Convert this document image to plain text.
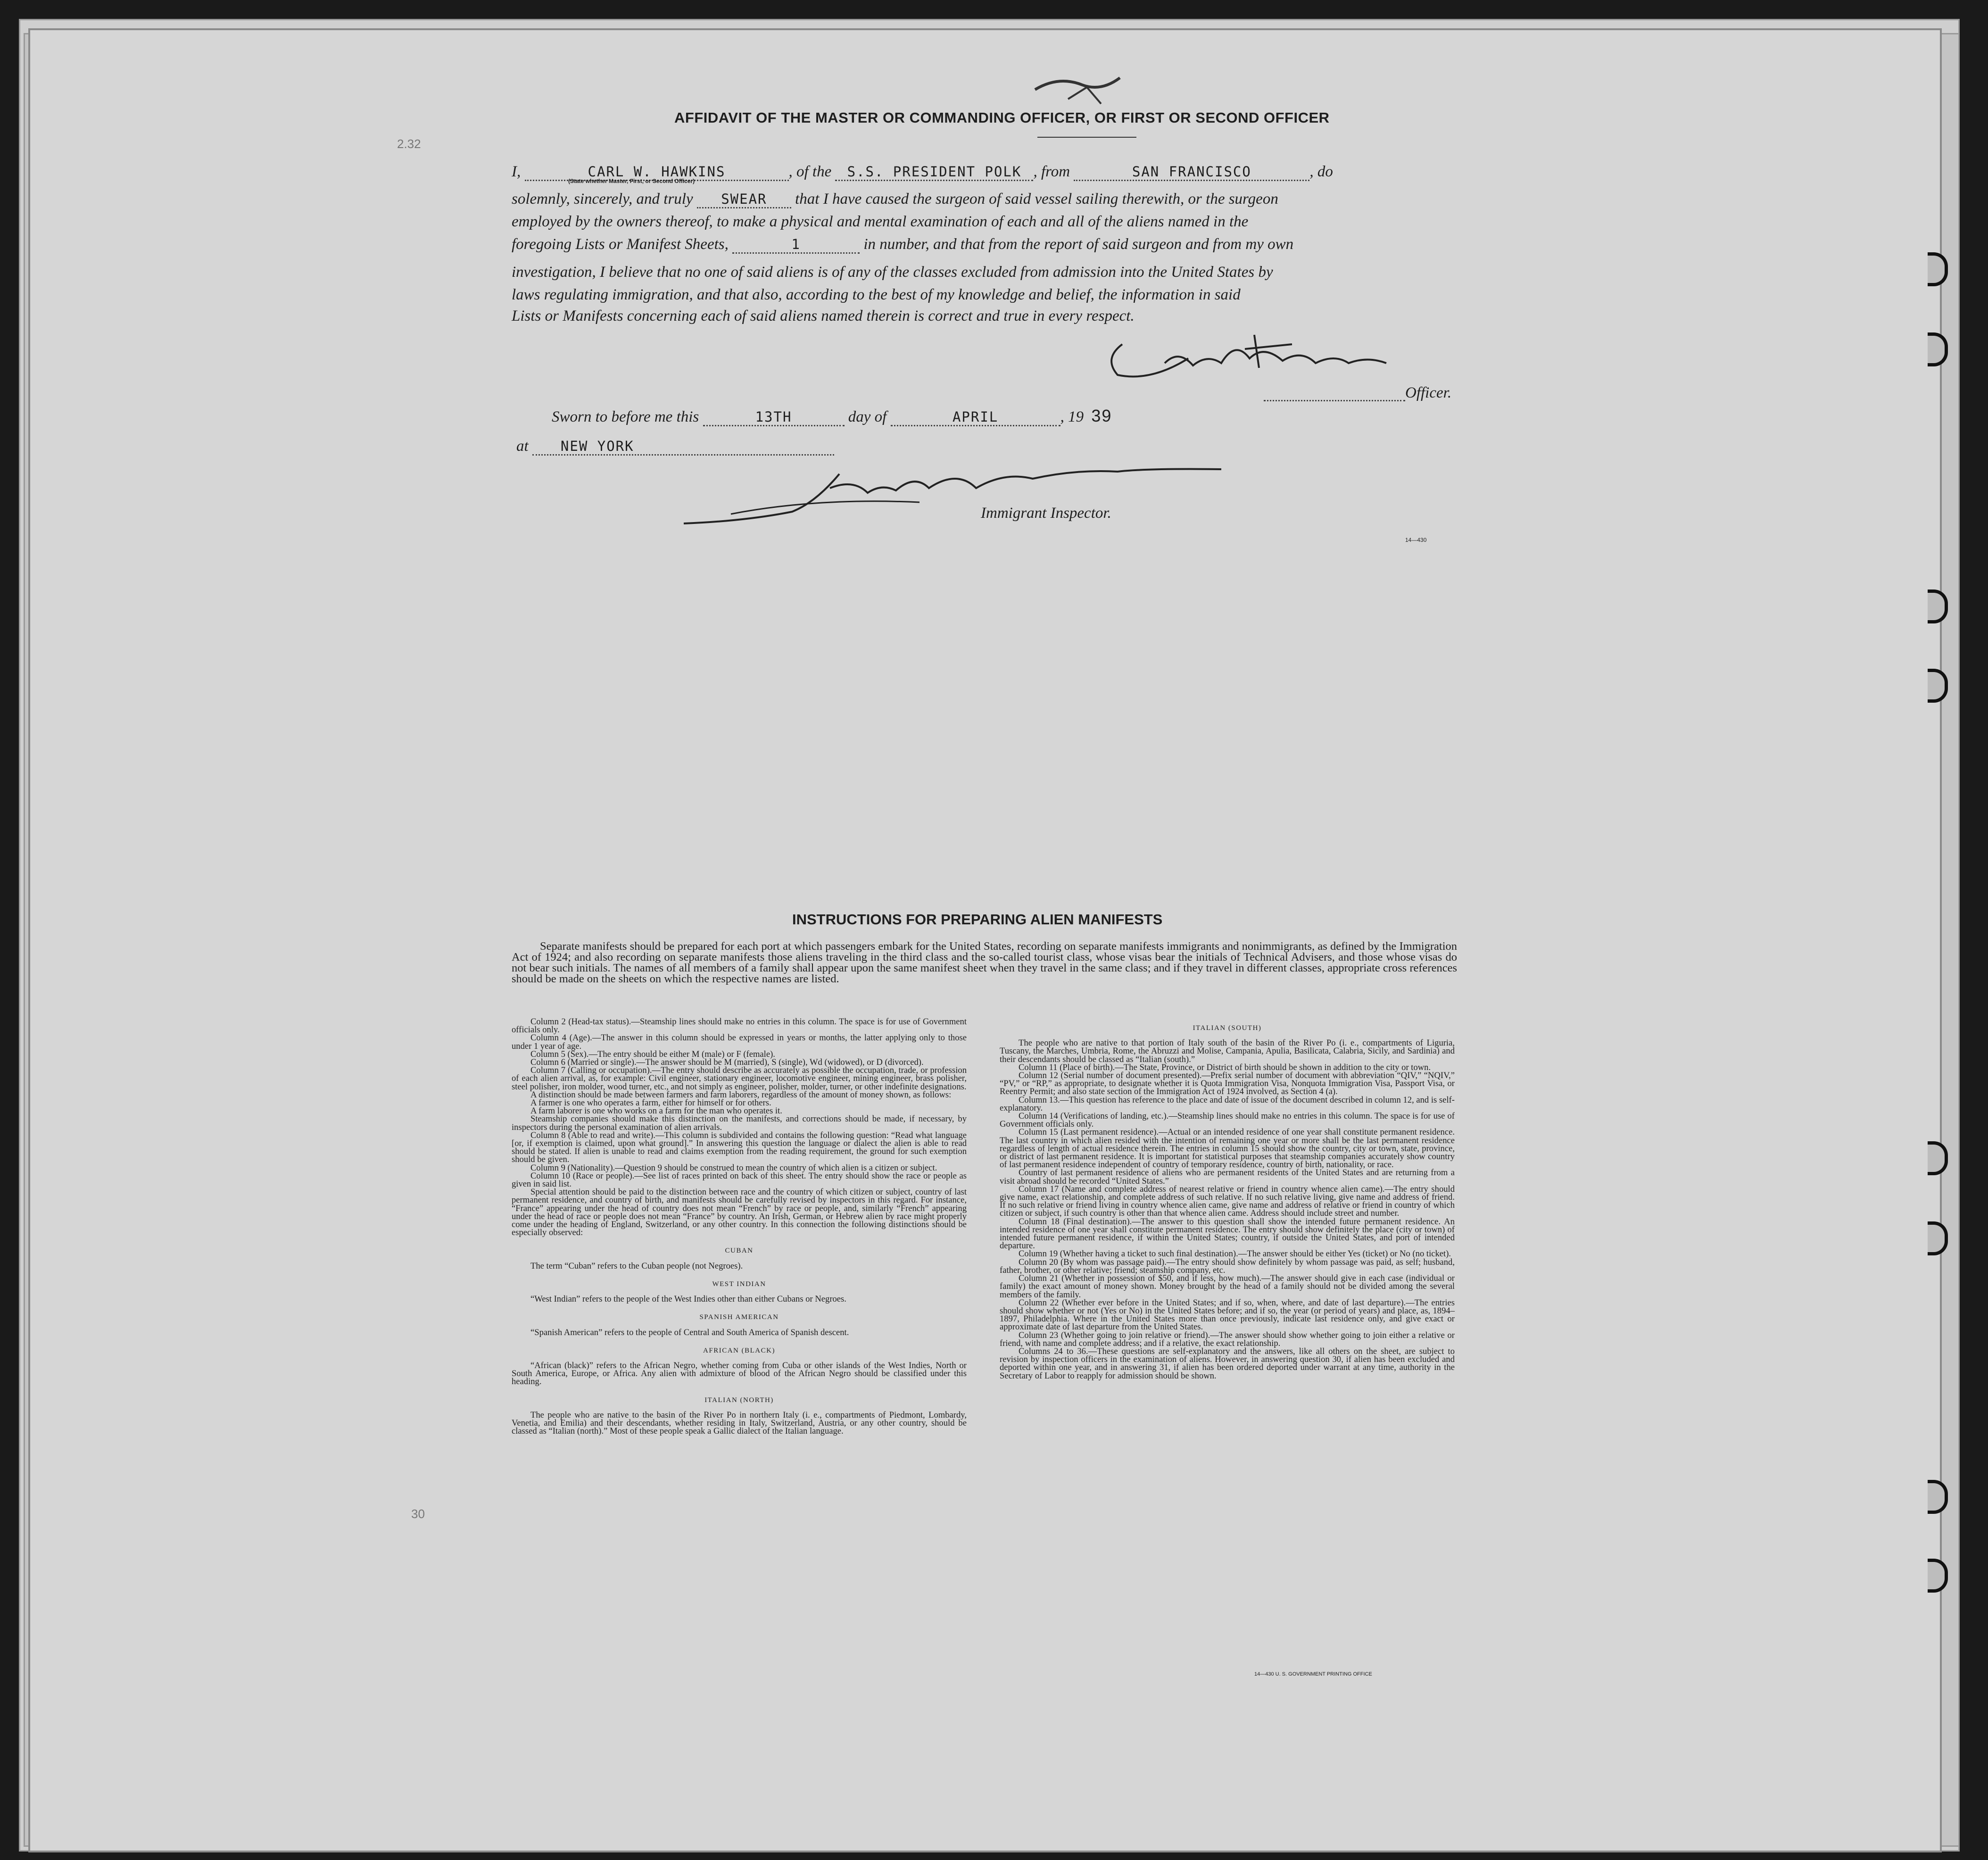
2.32
30
AFFIDAVIT OF THE MASTER OR COMMANDING OFFICER, OR FIRST OR SECOND OFFICER
I,	CARL W. HAWKINS	, of the S.S. PRESIDENT POLK , from	SAN FRANCISCO	, do
(State whether Master, First, or Second Officer)
solemnly, sincerely, and truly SWEAR that I have caused the surgeon of said vessel sailing therewith, or the surgeon
employed by the owners thereof, to make a physical and mental examination of each and all of the aliens named in the
foregoing Lists or Manifest Sheets,	1	in number, and that from the report of said surgeon and from my own
investigation, I believe that no one of said aliens is of any of the classes excluded from admission into the United States by
laws regulating immigration, and that also, according to the best of my knowledge and belief, the information in said
Lists or Manifests concerning each of said aliens named therein is correct and true in every respect.
Officer.
Sworn to before me this	13TH	day of	APRIL	, 19 39
at NEW YORK
Immigrant Inspector.
14—430
INSTRUCTIONS FOR PREPARING ALIEN MANIFESTS
Separate manifests should be prepared for each port at which passengers embark for the United States, recording on separate manifests immigrants and nonimmigrants, as defined by the Immigration Act of 1924; and also recording on separate manifests those aliens traveling in the third class and the so-called tourist class, whose visas bear the initials of Technical Advisers, and those whose visas do not bear such initials. The names of all members of a family shall appear upon the same manifest sheet when they travel in the same class; and if they travel in different classes, appropriate cross references should be made on the sheets on which the respective names are listed.

Column 2 (Head-tax status).—Steamship lines should make no entries in this column. The space is for use of Government officials only.

Column 4 (Age).—The answer in this column should be expressed in years or months, the latter applying only to those under 1 year of age.

Column 5 (Sex).—The entry should be either M (male) or F (female).

Column 6 (Married or single).—The answer should be M (married), S (single), Wd (widowed), or D (divorced).

Column 7 (Calling or occupation).—The entry should describe as accurately as possible the occupation, trade, or profession of each alien arrival, as, for example: Civil engineer, stationary engineer, locomotive engineer, mining engineer, brass polisher, steel polisher, iron molder, wood turner, etc., and not simply as engineer, polisher, molder, turner, or other indefinite designations.

A distinction should be made between farmers and farm laborers, regardless of the amount of money shown, as follows:

A farmer is one who operates a farm, either for himself or for others.

A farm laborer is one who works on a farm for the man who operates it.

Steamship companies should make this distinction on the manifests, and corrections should be made, if necessary, by inspectors during the personal examination of alien arrivals.

Column 8 (Able to read and write).—This column is subdivided and contains the following question: “Read what language [or, if exemption is claimed, upon what ground].” In answering this question the language or dialect the alien is able to read should be stated. If alien is unable to read and claims exemption from the reading requirement, the ground for such exemption should be given.

Column 9 (Nationality).—Question 9 should be construed to mean the country of which alien is a citizen or subject.

Column 10 (Race or people).—See list of races printed on back of this sheet. The entry should show the race or people as given in said list.

Special attention should be paid to the distinction between race and the country of which citizen or subject, country of last permanent residence, and country of birth, and manifests should be carefully revised by inspectors in this regard. For instance, “France” appearing under the head of country does not mean “French” by race or people, and, similarly “French” appearing under the head of race or people does not mean “France” by country. An Irish, German, or Hebrew alien by race might properly come under the heading of England, Switzerland, or any other country. In this connection the following distinctions should be especially observed:

CUBAN

The term “Cuban” refers to the Cuban people (not Negroes).

WEST INDIAN

“West Indian” refers to the people of the West Indies other than either Cubans or Negroes.

SPANISH AMERICAN

“Spanish American” refers to the people of Central and South America of Spanish descent.

AFRICAN (BLACK)

“African (black)” refers to the African Negro, whether coming from Cuba or other islands of the West Indies, North or South America, Europe, or Africa. Any alien with admixture of blood of the African Negro should be classified under this heading.

ITALIAN (NORTH)

The people who are native to the basin of the River Po in northern Italy (i. e., compartments of Piedmont, Lombardy, Venetia, and Emilia) and their descendants, whether residing in Italy, Switzerland, Austria, or any other country, should be classed as “Italian (north).” Most of these people speak a Gallic dialect of the Italian language.

ITALIAN (SOUTH)

The people who are native to that portion of Italy south of the basin of the River Po (i. e., compartments of Liguria, Tuscany, the Marches, Umbria, Rome, the Abruzzi and Molise, Campania, Apulia, Basilicata, Calabria, Sicily, and Sardinia) and their descendants should be classed as “Italian (south).”

Column 11 (Place of birth).—The State, Province, or District of birth should be shown in addition to the city or town.

Column 12 (Serial number of document presented).—Prefix serial number of document with abbreviation “QIV,” “NQIV,” “PV,” or “RP,” as appropriate, to designate whether it is Quota Immigration Visa, Nonquota Immigration Visa, Passport Visa, or Reentry Permit; and also state section of the Immigration Act of 1924 involved, as Section 4 (a).

Column 13.—This question has reference to the place and date of issue of the document described in column 12, and is self-explanatory.

Column 14 (Verifications of landing, etc.).—Steamship lines should make no entries in this column. The space is for use of Government officials only.

Column 15 (Last permanent residence).—Actual or an intended residence of one year shall constitute permanent residence. The last country in which alien resided with the intention of remaining one year or more shall be the last permanent residence regardless of length of actual residence therein. The entries in column 15 should show the country, city or town, state, province, or district of last permanent residence. It is important for statistical purposes that steamship companies accurately show country of last permanent residence independent of country of temporary residence, country of birth, nationality, or race.

Country of last permanent residence of aliens who are permanent residents of the United States and are returning from a visit abroad should be recorded “United States.”

Column 17 (Name and complete address of nearest relative or friend in country whence alien came).—The entry should give name, exact relationship, and complete address of such relative. If no such relative living, give name and address of friend. If no such relative or friend living in country whence alien came, give name and address of relative or friend in country of which citizen or subject, if such country is other than that whence alien came. Address should include street and number.

Column 18 (Final destination).—The answer to this question shall show the intended future permanent residence. An intended residence of one year shall constitute permanent residence. The entry should show definitely the place (city or town) of intended future permanent residence, if within the United States; country, if outside the United States, and port of intended departure.

Column 19 (Whether having a ticket to such final destination).—The answer should be either Yes (ticket) or No (no ticket).

Column 20 (By whom was passage paid).—The entry should show definitely by whom passage was paid, as self; husband, father, brother, or other relative; friend; steamship company, etc.

Column 21 (Whether in possession of $50, and if less, how much).—The answer should give in each case (individual or family) the exact amount of money shown. Money brought by the head of a family should not be divided among the several members of the family.

Column 22 (Whether ever before in the United States; and if so, when, where, and date of last departure).—The entries should show whether or not (Yes or No) in the United States before; and if so, the year (or period of years) and place, as, 1894–1897, Philadelphia. Where in the United States more than once previously, indicate last residence only, and give exact or approximate date of last departure from the United States.

Column 23 (Whether going to join relative or friend).—The answer should show whether going to join either a relative or friend, with name and complete address; and if a relative, the exact relationship.

Columns 24 to 36.—These questions are self-explanatory and the answers, like all others on the sheet, are subject to revision by inspection officers in the examination of aliens. However, in answering question 30, if alien has been excluded and deported within one year, and in answering 31, if alien has been ordered deported under warrant at any time, authority in the Secretary of Labor to reapply for admission should be shown.

14—430 U. S. GOVERNMENT PRINTING OFFICE
